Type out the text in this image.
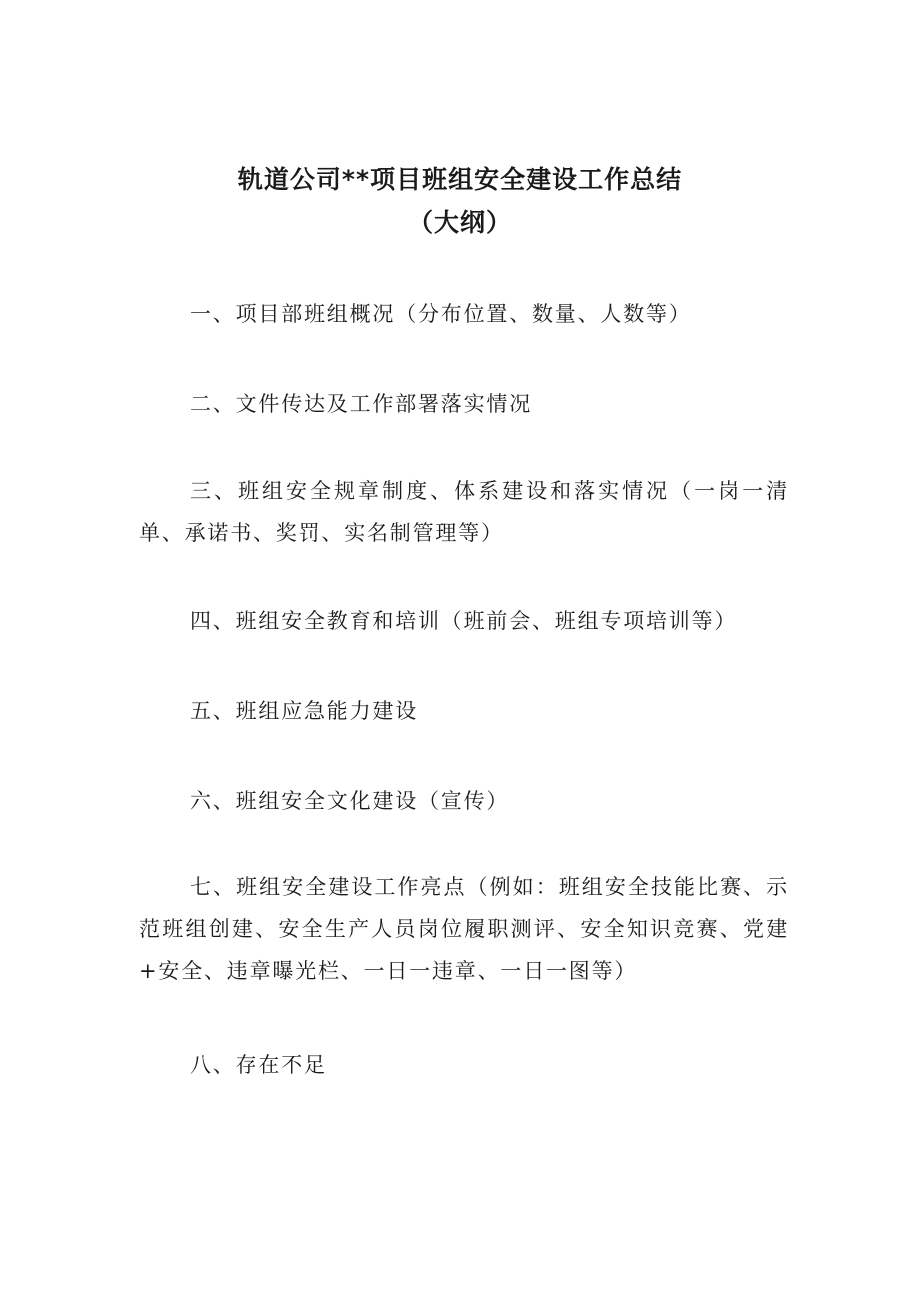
轨道公司**项目班组安全建设工作总结
（大纲）

一、项目部班组概况（分布位置、数量、人数等）

二、文件传达及工作部署落实情况

三、班组安全规章制度、体系建设和落实情况（一岗一清单、承诺书、奖罚、实名制管理等）

四、班组安全教育和培训（班前会、班组专项培训等）

五、班组应急能力建设

六、班组安全文化建设（宣传）

七、班组安全建设工作亮点（例如：班组安全技能比赛、示范班组创建、安全生产人员岗位履职测评、安全知识竞赛、党建+安全、违章曝光栏、一日一违章、一日一图等）

八、存在不足
